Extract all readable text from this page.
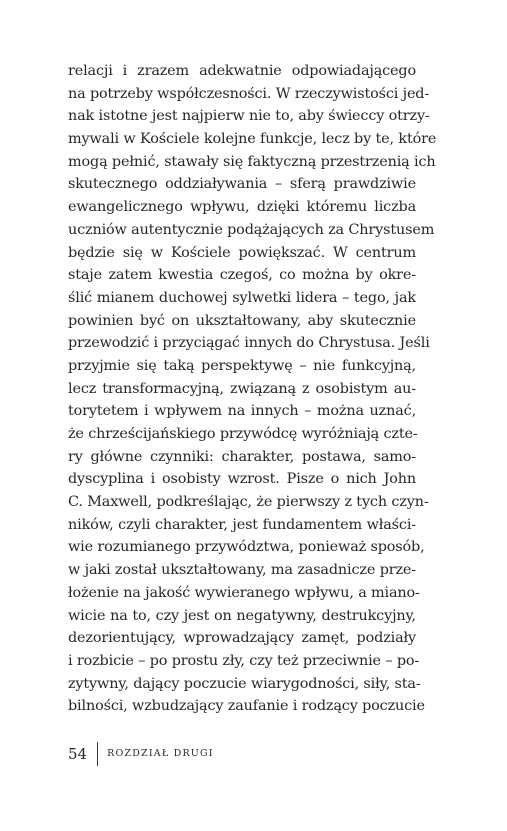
relacji i zrazem adekwatnie odpowiadającego
na potrzeby współczesności. W rzeczywistości jed-
nak istotne jest najpierw nie to, aby świeccy otrzy-
mywali w Kościele kolejne funkcje, lecz by te, które
mogą pełnić, stawały się faktyczną przestrzenią ich
skutecznego oddziaływania – sferą prawdziwie
ewangelicznego wpływu, dzięki któremu liczba
uczniów autentycznie podążających za Chrystusem
będzie się w Kościele powiększać. W centrum
staje zatem kwestia czegoś, co można by okre-
ślić mianem duchowej sylwetki lidera – tego, jak
powinien być on ukształtowany, aby skutecznie
przewodzić i przyciągać innych do Chrystusa. Jeśli
przyjmie się taką perspektywę – nie funkcyjną,
lecz transformacyjną, związaną z osobistym au-
torytetem i wpływem na innych – można uznać,
że chrześcijańskiego przywódcę wyróżniają czte-
ry główne czynniki: charakter, postawa, samo-
dyscyplina i osobisty wzrost. Pisze o nich John
C. Maxwell, podkreślając, że pierwszy z tych czyn-
ników, czyli charakter, jest fundamentem właści-
wie rozumianego przywództwa, ponieważ sposób,
w jaki został ukształtowany, ma zasadnicze prze-
łożenie na jakość wywieranego wpływu, a miano-
wicie na to, czy jest on negatywny, destrukcyjny,
dezorientujący, wprowadzający zamęt, podziały
i rozbicie – po prostu zły, czy też przeciwnie – po-
zytywny, dający poczucie wiarygodności, siły, sta-
bilności, wzbudzający zaufanie i rodzący poczucie
54 ROZDZIAŁ DRUGI
